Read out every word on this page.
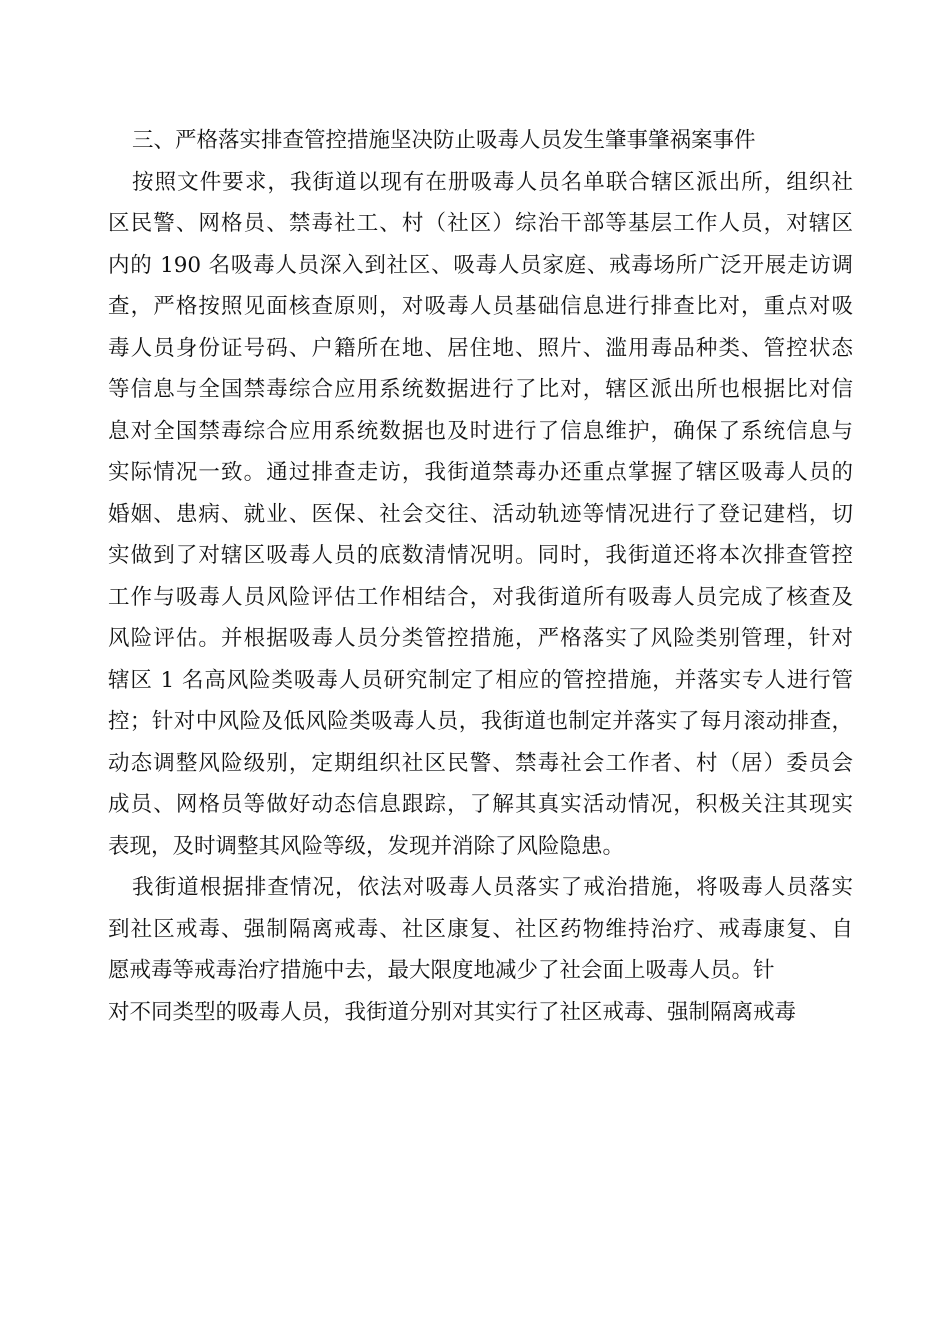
三、严格落实排查管控措施坚决防止吸毒人员发生肇事肇祸案事件
按照文件要求，我街道以现有在册吸毒人员名单联合辖区派出所，组织社
区民警、网格员、禁毒社工、村（社区）综治干部等基层工作人员，对辖区
内的 190 名吸毒人员深入到社区、吸毒人员家庭、戒毒场所广泛开展走访调
查，严格按照见面核查原则，对吸毒人员基础信息进行排查比对，重点对吸
毒人员身份证号码、户籍所在地、居住地、照片、滥用毒品种类、管控状态
等信息与全国禁毒综合应用系统数据进行了比对，辖区派出所也根据比对信
息对全国禁毒综合应用系统数据也及时进行了信息维护，确保了系统信息与
实际情况一致。通过排查走访，我街道禁毒办还重点掌握了辖区吸毒人员的
婚姻、患病、就业、医保、社会交往、活动轨迹等情况进行了登记建档，切
实做到了对辖区吸毒人员的底数清情况明。同时，我街道还将本次排查管控
工作与吸毒人员风险评估工作相结合，对我街道所有吸毒人员完成了核查及
风险评估。并根据吸毒人员分类管控措施，严格落实了风险类别管理，针对
辖区 1 名高风险类吸毒人员研究制定了相应的管控措施，并落实专人进行管
控；针对中风险及低风险类吸毒人员，我街道也制定并落实了每月滚动排查，
动态调整风险级别，定期组织社区民警、禁毒社会工作者、村（居）委员会
成员、网格员等做好动态信息跟踪，了解其真实活动情况，积极关注其现实
表现，及时调整其风险等级，发现并消除了风险隐患。
我街道根据排查情况，依法对吸毒人员落实了戒治措施，将吸毒人员落实
到社区戒毒、强制隔离戒毒、社区康复、社区药物维持治疗、戒毒康复、自
愿戒毒等戒毒治疗措施中去，最大限度地减少了社会面上吸毒人员。针
对不同类型的吸毒人员，我街道分别对其实行了社区戒毒、强制隔离戒毒
